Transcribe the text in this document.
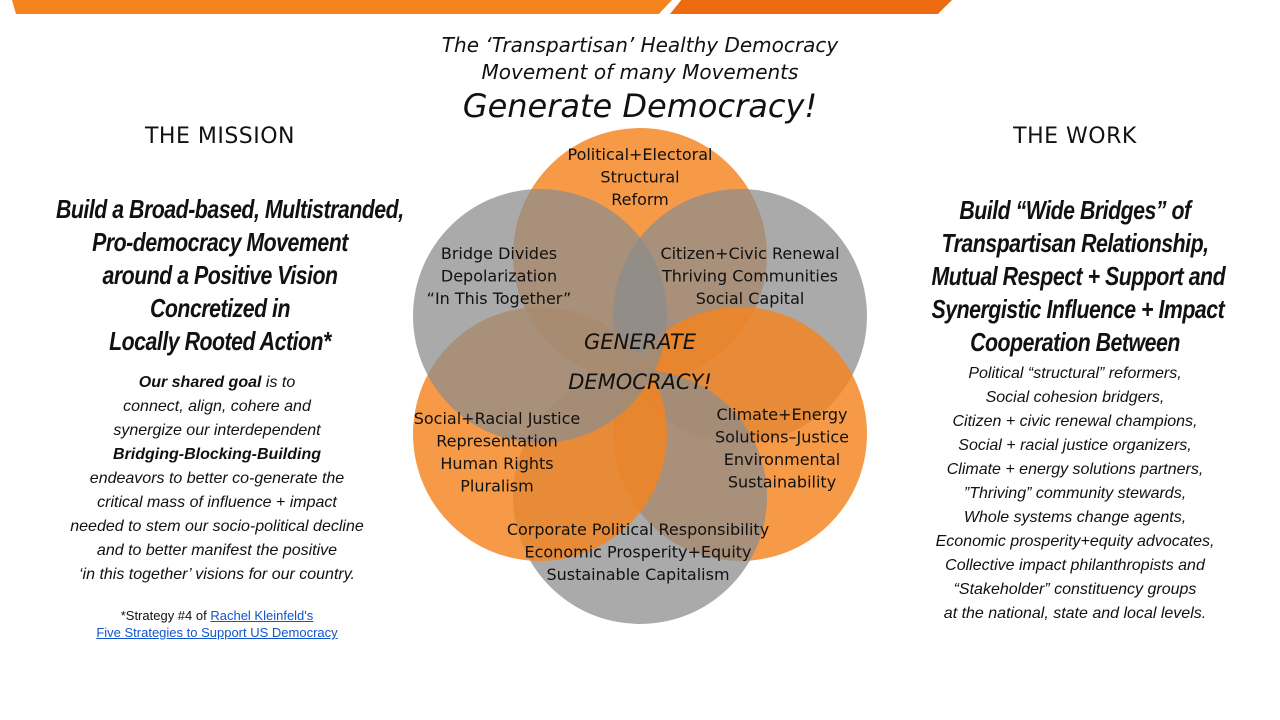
The ‘Transpartisan’ Healthy Democracy
Movement of many Movements
Generate Democracy!
THE MISSION	THE WORK
Build a Broad-based, Multistranded,
Pro-democracy Movement
around a Positive Vision
Concretized in
Locally Rooted Action*
Our shared goal is to
connect, align, cohere and
synergize our interdependent
Bridging-Blocking-Building
endeavors to better co-generate the
critical mass of influence + impact
needed to stem our socio-political decline
and to better manifest the positive
‘in this together’ visions for our country.
*Strategy #4 of Rachel Kleinfeld's
Five Strategies to Support US Democracy
Build “Wide Bridges” of
Transpartisan Relationship,
Mutual Respect + Support and
Synergistic Influence + Impact
Cooperation Between
Political “structural” reformers,
Social cohesion bridgers,
Citizen + civic renewal champions,
Social + racial justice organizers,
Climate + energy solutions partners,
”Thriving” community stewards,
Whole systems change agents,
Economic prosperity+equity advocates,
Collective impact philanthropists and
“Stakeholder” constituency groups
at the national, state and local levels.
Political+Electoral
Structural
Reform
Citizen+Civic Renewal
Thriving Communities
Social Capital
Climate+Energy
Solutions–Justice
Environmental
Sustainability
Corporate Political Responsibility
Economic Prosperity+Equity
Sustainable Capitalism
Social+Racial Justice
Representation
Human Rights
Pluralism
Bridge Divides
Depolarization
“In This Together”
GENERATE
DEMOCRACY!
